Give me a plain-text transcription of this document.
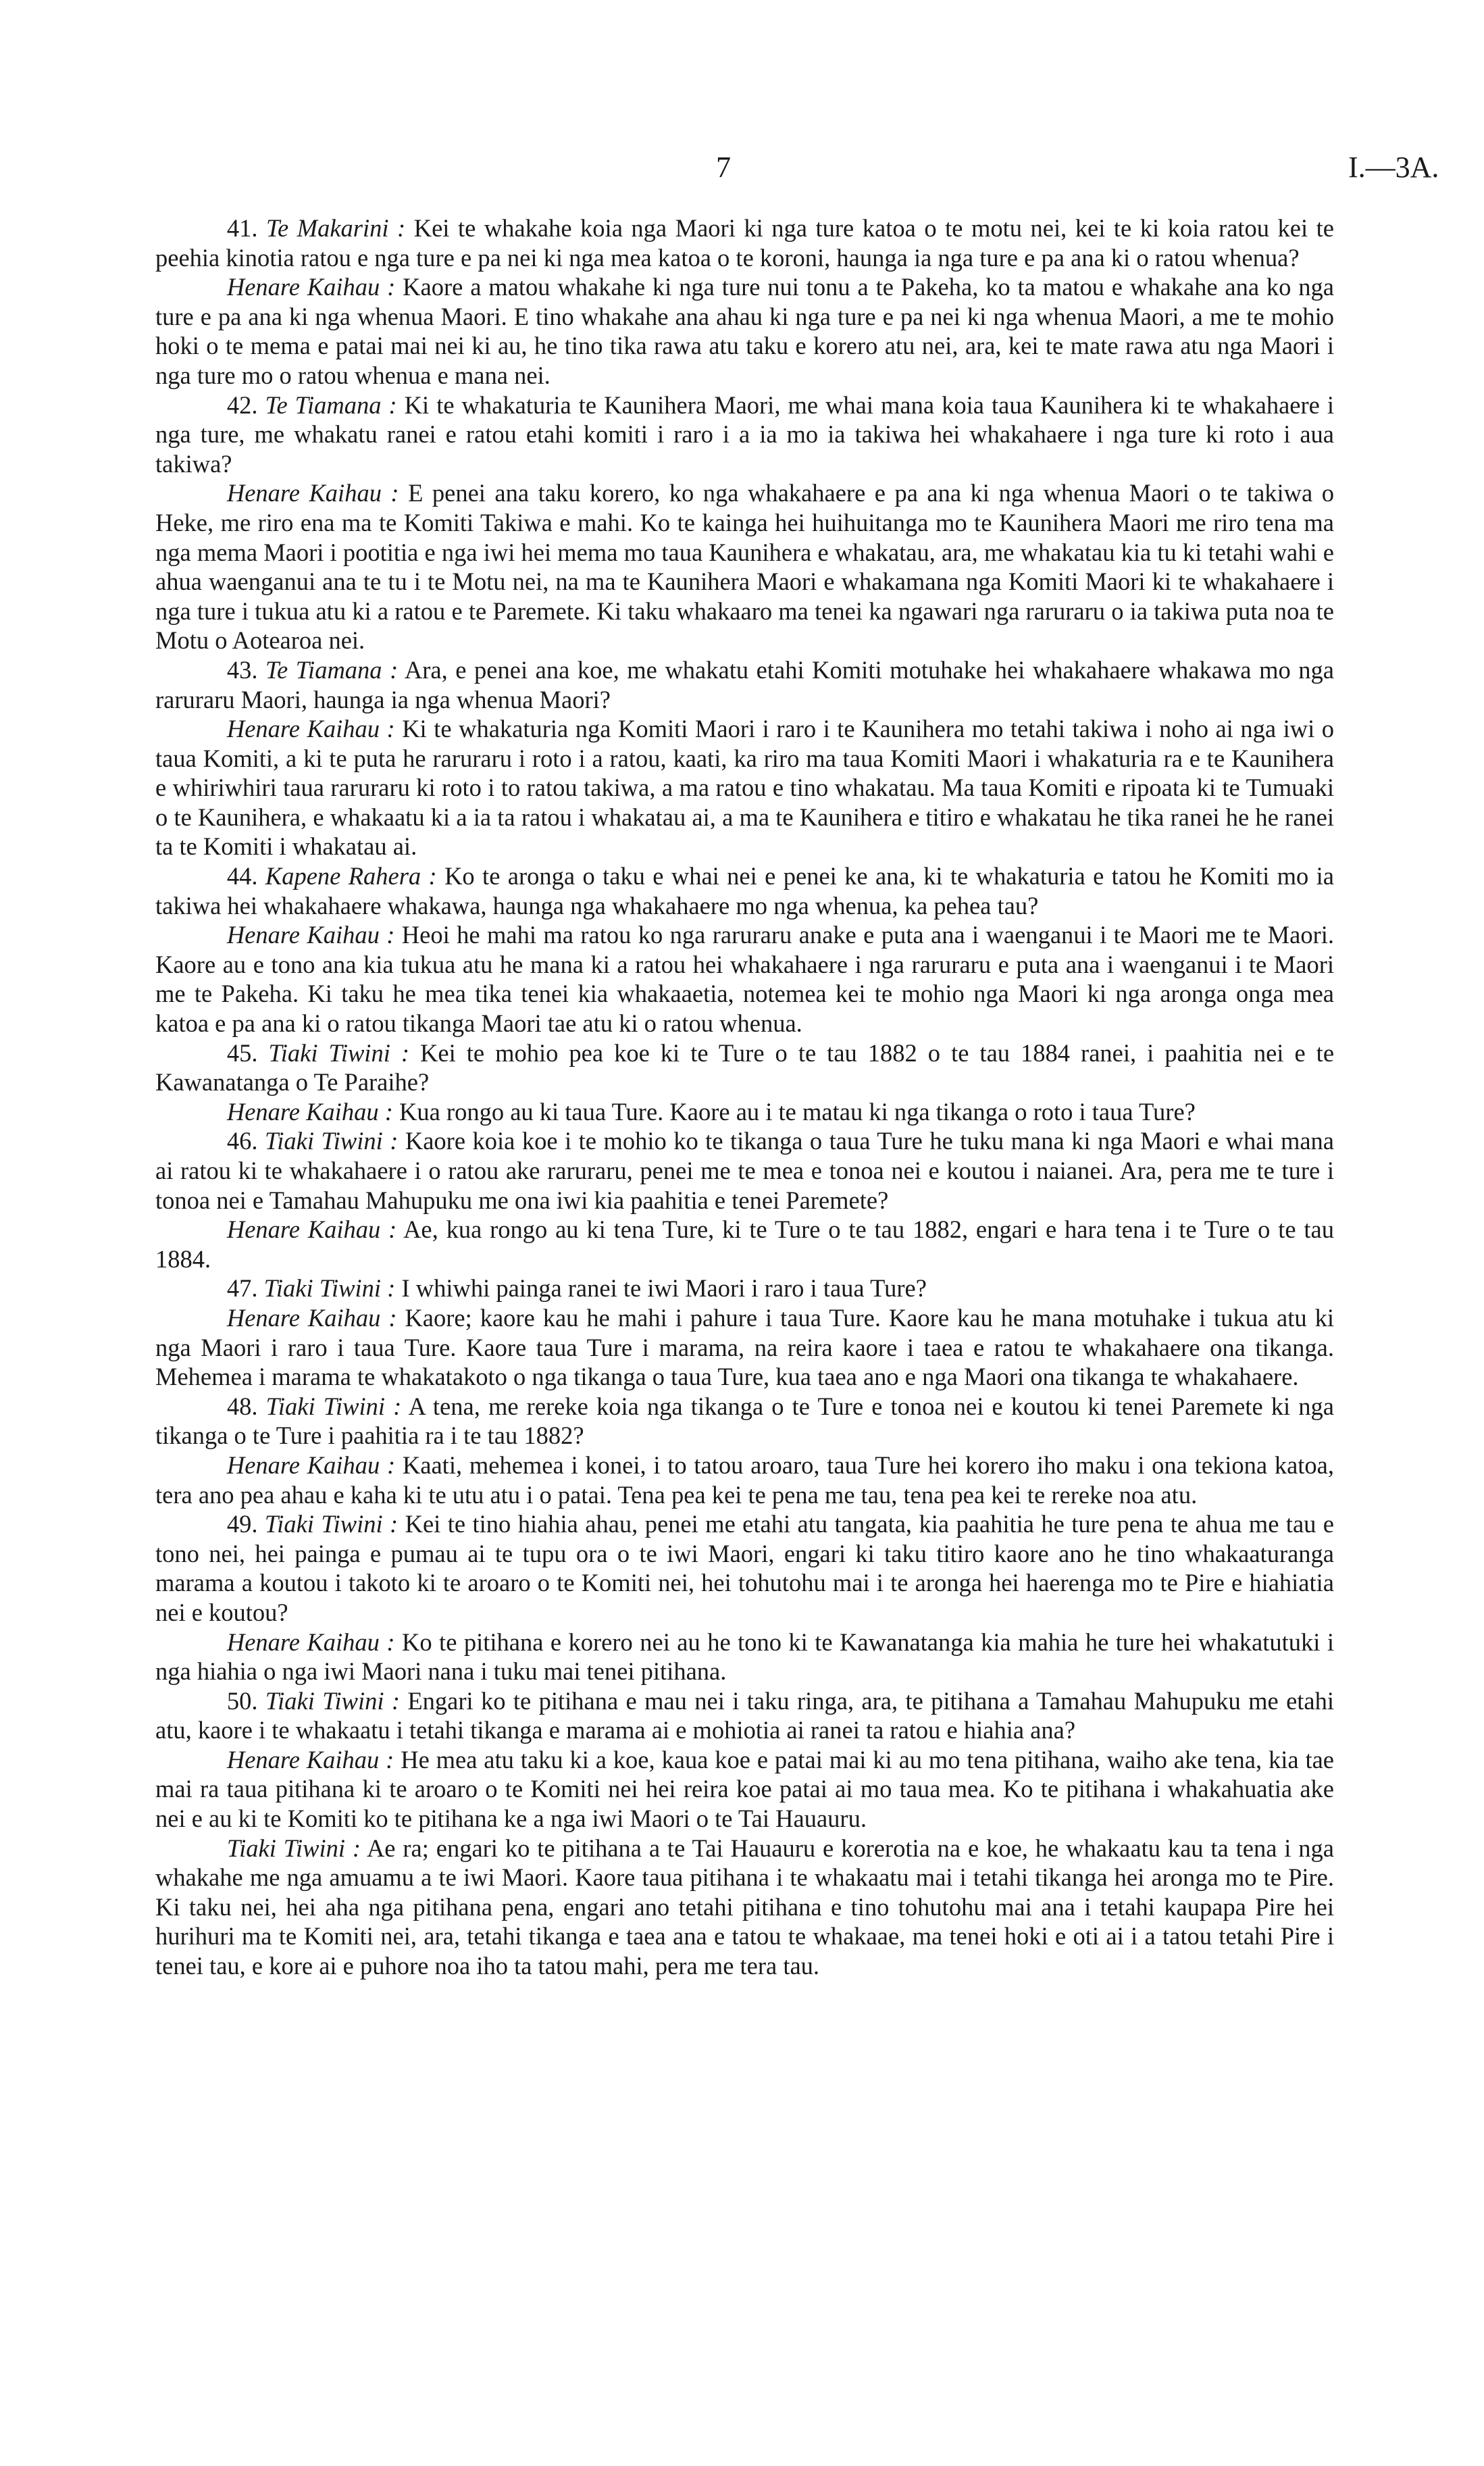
7	I.—3A.

41. Te Makarini : Kei te whakahe koia nga Maori ki nga ture katoa o te motu nei, kei te ki koia ratou kei te peehia kinotia ratou e nga ture e pa nei ki nga mea katoa o te koroni, haunga ia nga ture e pa ana ki o ratou whenua?

Henare Kaihau : Kaore a matou whakahe ki nga ture nui tonu a te Pakeha, ko ta matou e whakahe ana ko nga ture e pa ana ki nga whenua Maori. E tino whakahe ana ahau ki nga ture e pa nei ki nga whenua Maori, a me te mohio hoki o te mema e patai mai nei ki au, he tino tika rawa atu taku e korero atu nei, ara, kei te mate rawa atu nga Maori i nga ture mo o ratou whenua e mana nei.

42. Te Tiamana : Ki te whakaturia te Kaunihera Maori, me whai mana koia taua Kaunihera ki te whakahaere i nga ture, me whakatu ranei e ratou etahi komiti i raro i a ia mo ia takiwa hei whakahaere i nga ture ki roto i aua takiwa?

Henare Kaihau : E penei ana taku korero, ko nga whakahaere e pa ana ki nga whenua Maori o te takiwa o Heke, me riro ena ma te Komiti Takiwa e mahi. Ko te kainga hei huihuitanga mo te Kaunihera Maori me riro tena ma nga mema Maori i pootitia e nga iwi hei mema mo taua Kaunihera e whakatau, ara, me whakatau kia tu ki tetahi wahi e ahua waenganui ana te tu i te Motu nei, na ma te Kaunihera Maori e whakamana nga Komiti Maori ki te whakahaere i nga ture i tukua atu ki a ratou e te Paremete. Ki taku whakaaro ma tenei ka ngawari nga raruraru o ia takiwa puta noa te Motu o Aotearoa nei.

43. Te Tiamana : Ara, e penei ana koe, me whakatu etahi Komiti motuhake hei whakahaere whakawa mo nga raruraru Maori, haunga ia nga whenua Maori?

Henare Kaihau : Ki te whakaturia nga Komiti Maori i raro i te Kaunihera mo tetahi takiwa i noho ai nga iwi o taua Komiti, a ki te puta he raruraru i roto i a ratou, kaati, ka riro ma taua Komiti Maori i whakaturia ra e te Kaunihera e whiriwhiri taua raruraru ki roto i to ratou takiwa, a ma ratou e tino whakatau. Ma taua Komiti e ripoata ki te Tumuaki o te Kaunihera, e whakaatu ki a ia ta ratou i whakatau ai, a ma te Kaunihera e titiro e whakatau he tika ranei he he ranei ta te Komiti i whakatau ai.

44. Kapene Rahera : Ko te aronga o taku e whai nei e penei ke ana, ki te whakaturia e tatou he Komiti mo ia takiwa hei whakahaere whakawa, haunga nga whakahaere mo nga whenua, ka pehea tau?

Henare Kaihau : Heoi he mahi ma ratou ko nga raruraru anake e puta ana i waenganui i te Maori me te Maori. Kaore au e tono ana kia tukua atu he mana ki a ratou hei whakahaere i nga raruraru e puta ana i waenganui i te Maori me te Pakeha. Ki taku he mea tika tenei kia whakaaetia, notemea kei te mohio nga Maori ki nga aronga onga mea katoa e pa ana ki o ratou tikanga Maori tae atu ki o ratou whenua.

45. Tiaki Tiwini : Kei te mohio pea koe ki te Ture o te tau 1882 o te tau 1884 ranei, i paahitia nei e te Kawanatanga o Te Paraihe?

Henare Kaihau : Kua rongo au ki taua Ture. Kaore au i te matau ki nga tikanga o roto i taua Ture?

46. Tiaki Tiwini : Kaore koia koe i te mohio ko te tikanga o taua Ture he tuku mana ki nga Maori e whai mana ai ratou ki te whakahaere i o ratou ake raruraru, penei me te mea e tonoa nei e koutou i naianei. Ara, pera me te ture i tonoa nei e Tamahau Mahupuku me ona iwi kia paahitia e tenei Paremete?

Henare Kaihau : Ae, kua rongo au ki tena Ture, ki te Ture o te tau 1882, engari e hara tena i te Ture o te tau 1884.

47. Tiaki Tiwini : I whiwhi painga ranei te iwi Maori i raro i taua Ture?

Henare Kaihau : Kaore; kaore kau he mahi i pahure i taua Ture. Kaore kau he mana motuhake i tukua atu ki nga Maori i raro i taua Ture. Kaore taua Ture i marama, na reira kaore i taea e ratou te whakahaere ona tikanga. Mehemea i marama te whakatakoto o nga tikanga o taua Ture, kua taea ano e nga Maori ona tikanga te whakahaere.

48. Tiaki Tiwini : A tena, me rereke koia nga tikanga o te Ture e tonoa nei e koutou ki tenei Paremete ki nga tikanga o te Ture i paahitia ra i te tau 1882?

Henare Kaihau : Kaati, mehemea i konei, i to tatou aroaro, taua Ture hei korero iho maku i ona tekiona katoa, tera ano pea ahau e kaha ki te utu atu i o patai. Tena pea kei te pena me tau, tena pea kei te rereke noa atu.

49. Tiaki Tiwini : Kei te tino hiahia ahau, penei me etahi atu tangata, kia paahitia he ture pena te ahua me tau e tono nei, hei painga e pumau ai te tupu ora o te iwi Maori, engari ki taku titiro kaore ano he tino whakaaturanga marama a koutou i takoto ki te aroaro o te Komiti nei, hei tohutohu mai i te aronga hei haerenga mo te Pire e hiahiatia nei e koutou?

Henare Kaihau : Ko te pitihana e korero nei au he tono ki te Kawanatanga kia mahia he ture hei whakatutuki i nga hiahia o nga iwi Maori nana i tuku mai tenei pitihana.

50. Tiaki Tiwini : Engari ko te pitihana e mau nei i taku ringa, ara, te pitihana a Tamahau Mahupuku me etahi atu, kaore i te whakaatu i tetahi tikanga e marama ai e mohiotia ai ranei ta ratou e hiahia ana?

Henare Kaihau : He mea atu taku ki a koe, kaua koe e patai mai ki au mo tena pitihana, waiho ake tena, kia tae mai ra taua pitihana ki te aroaro o te Komiti nei hei reira koe patai ai mo taua mea. Ko te pitihana i whakahuatia ake nei e au ki te Komiti ko te pitihana ke a nga iwi Maori o te Tai Hauauru.

Tiaki Tiwini : Ae ra; engari ko te pitihana a te Tai Hauauru e korerotia na e koe, he whakaatu kau ta tena i nga whakahe me nga amuamu a te iwi Maori. Kaore taua pitihana i te whakaatu mai i tetahi tikanga hei aronga mo te Pire. Ki taku nei, hei aha nga pitihana pena, engari ano tetahi pitihana e tino tohutohu mai ana i tetahi kaupapa Pire hei hurihuri ma te Komiti nei, ara, tetahi tikanga e taea ana e tatou te whakaae, ma tenei hoki e oti ai i a tatou tetahi Pire i tenei tau, e kore ai e puhore noa iho ta tatou mahi, pera me tera tau.
